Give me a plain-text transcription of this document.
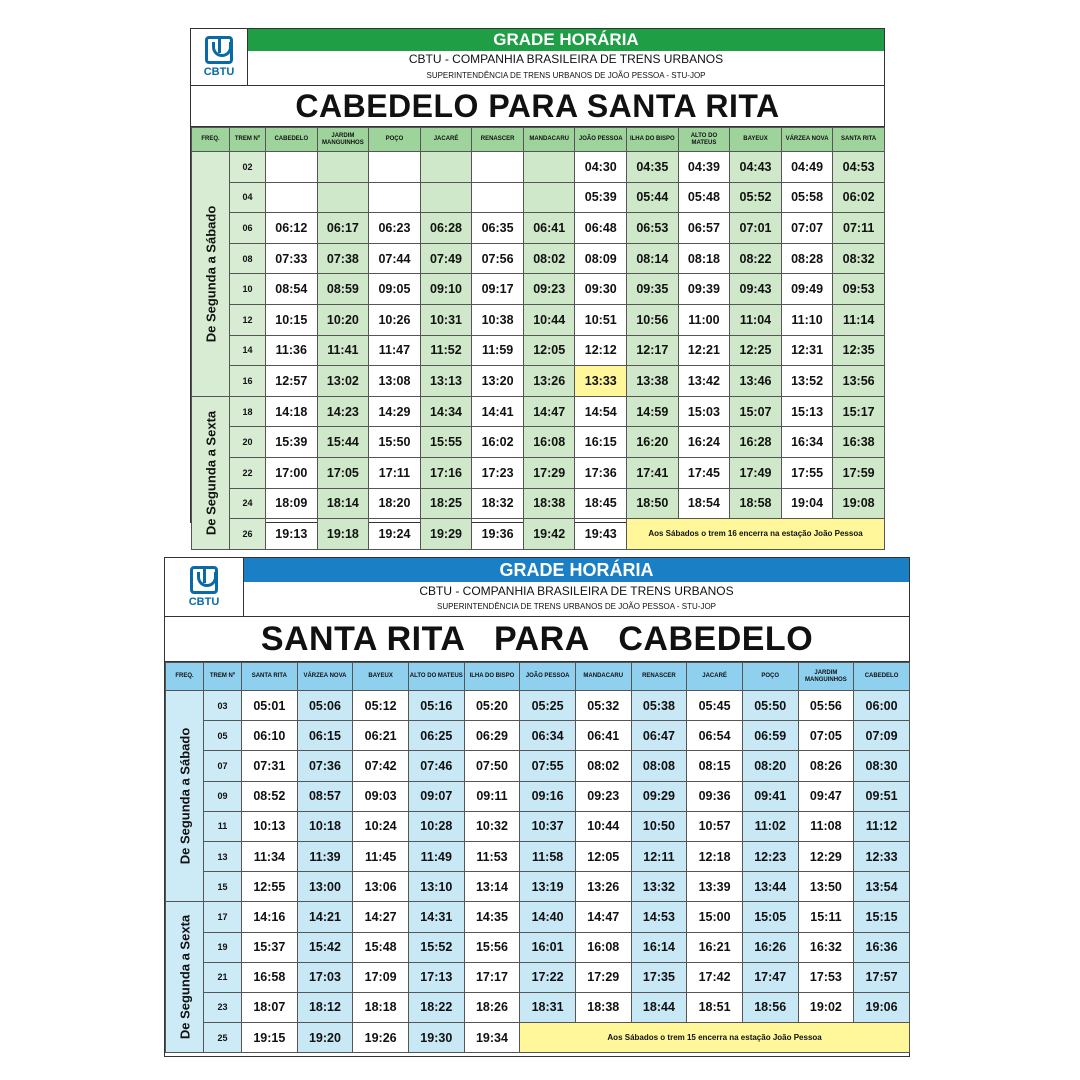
CBTU
GRADE HORÁRIA
CBTU - COMPANHIA BRASILEIRA DE TRENS URBANOS
SUPERINTENDÊNCIA DE TRENS URBANOS DE JOÃO PESSOA - STU-JOP
CABEDELO PARA SANTA RITA
FREQ.	TREM Nº	CABEDELO	JARDIM MANGUINHOS	POÇO	JACARÉ	RENASCER	MANDACARU	JOÃO PESSOA	ILHA DO BISPO	ALTO DO MATEUS	BAYEUX	VÁRZEA NOVA	SANTA RITA

De Segunda a Sábado	02							04:30	04:35	04:39	04:43	04:49	04:53
	04							05:39	05:44	05:48	05:52	05:58	06:02
	06	06:12	06:17	06:23	06:28	06:35	06:41	06:48	06:53	06:57	07:01	07:07	07:11
	08	07:33	07:38	07:44	07:49	07:56	08:02	08:09	08:14	08:18	08:22	08:28	08:32
	10	08:54	08:59	09:05	09:10	09:17	09:23	09:30	09:35	09:39	09:43	09:49	09:53
	12	10:15	10:20	10:26	10:31	10:38	10:44	10:51	10:56	11:00	11:04	11:10	11:14
	14	11:36	11:41	11:47	11:52	11:59	12:05	12:12	12:17	12:21	12:25	12:31	12:35
	16	12:57	13:02	13:08	13:13	13:20	13:26	13:33	13:38	13:42	13:46	13:52	13:56

De Segunda a Sexta	18	14:18	14:23	14:29	14:34	14:41	14:47	14:54	14:59	15:03	15:07	15:13	15:17
	20	15:39	15:44	15:50	15:55	16:02	16:08	16:15	16:20	16:24	16:28	16:34	16:38
	22	17:00	17:05	17:11	17:16	17:23	17:29	17:36	17:41	17:45	17:49	17:55	17:59
	24	18:09	18:14	18:20	18:25	18:32	18:38	18:45	18:50	18:54	18:58	19:04	19:08
	26	19:13	19:18	19:24	19:29	19:36	19:42	19:43	Aos Sábados o trem 16 encerra na estação João Pessoa				
CBTU
GRADE HORÁRIA
CBTU - COMPANHIA BRASILEIRA DE TRENS URBANOS
SUPERINTENDÊNCIA DE TRENS URBANOS DE JOÃO PESSOA - STU-JOP
SANTA RITA   PARA   CABEDELO
FREQ.	TREM Nº	SANTA RITA	VÁRZEA NOVA	BAYEUX	ALTO DO MATEUS	ILHA DO BISPO	JOÃO PESSOA	MANDACARU	RENASCER	JACARÉ	POÇO	JARDIM MANGUINHOS	CABEDELO

De Segunda a Sábado	03	05:01	05:06	05:12	05:16	05:20	05:25	05:32	05:38	05:45	05:50	05:56	06:00
	05	06:10	06:15	06:21	06:25	06:29	06:34	06:41	06:47	06:54	06:59	07:05	07:09
	07	07:31	07:36	07:42	07:46	07:50	07:55	08:02	08:08	08:15	08:20	08:26	08:30
	09	08:52	08:57	09:03	09:07	09:11	09:16	09:23	09:29	09:36	09:41	09:47	09:51
	11	10:13	10:18	10:24	10:28	10:32	10:37	10:44	10:50	10:57	11:02	11:08	11:12
	13	11:34	11:39	11:45	11:49	11:53	11:58	12:05	12:11	12:18	12:23	12:29	12:33
	15	12:55	13:00	13:06	13:10	13:14	13:19	13:26	13:32	13:39	13:44	13:50	13:54

De Segunda a Sexta	17	14:16	14:21	14:27	14:31	14:35	14:40	14:47	14:53	15:00	15:05	15:11	15:15
	19	15:37	15:42	15:48	15:52	15:56	16:01	16:08	16:14	16:21	16:26	16:32	16:36
	21	16:58	17:03	17:09	17:13	17:17	17:22	17:29	17:35	17:42	17:47	17:53	17:57
	23	18:07	18:12	18:18	18:22	18:26	18:31	18:38	18:44	18:51	18:56	19:02	19:06
	25	19:15	19:20	19:26	19:30	19:34	Aos Sábados o trem 15 encerra na estação João Pessoa						
